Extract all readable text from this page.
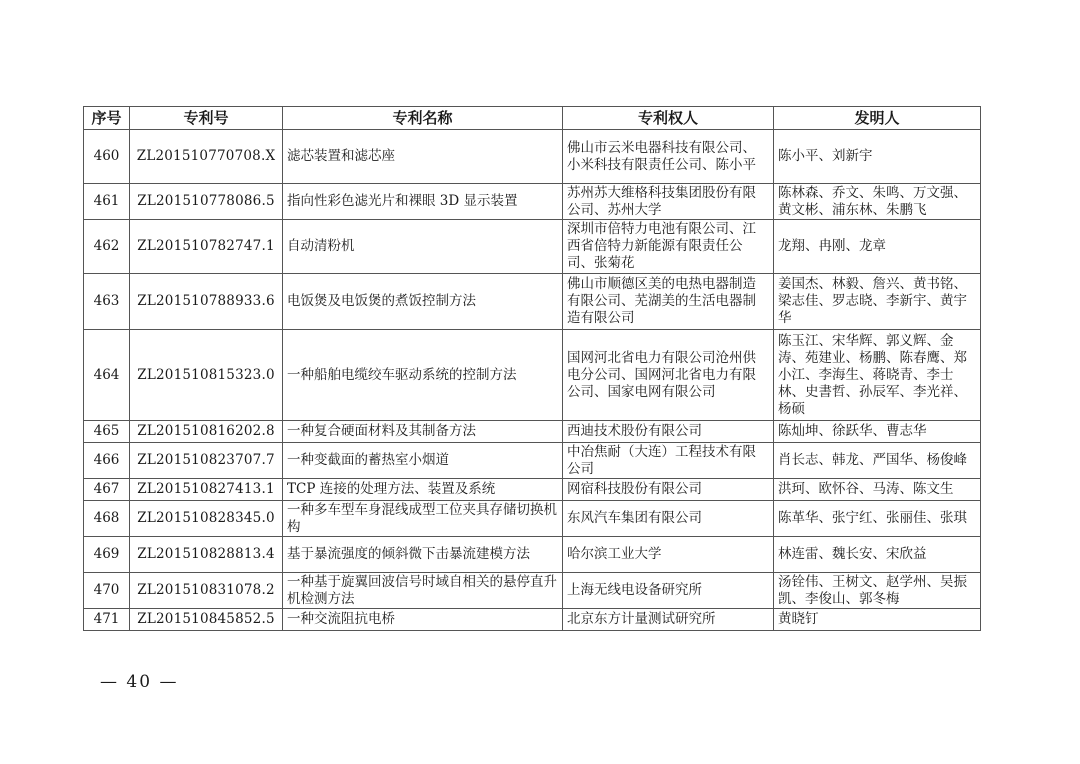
序号	专利号	专利名称	专利权人	发明人
460	ZL201510770708.X	滤芯装置和滤芯座	佛山市云米电器科技有限公司、小米科技有限责任公司、陈小平	陈小平、刘新宇
461	ZL201510778086.5	指向性彩色滤光片和裸眼 3D 显示装置	苏州苏大维格科技集团股份有限公司、苏州大学	陈林森、乔文、朱鸣、万文强、黄文彬、浦东林、朱鹏飞
462	ZL201510782747.1	自动清粉机	深圳市倍特力电池有限公司、江西省倍特力新能源有限责任公司、张菊花	龙翔、冉刚、龙章
463	ZL201510788933.6	电饭煲及电饭煲的煮饭控制方法	佛山市顺德区美的电热电器制造有限公司、芜湖美的生活电器制造有限公司	姜国杰、林毅、詹兴、黄书铭、梁志佳、罗志晓、李新宇、黄宇华
464	ZL201510815323.0	一种船舶电缆绞车驱动系统的控制方法	国网河北省电力有限公司沧州供电分公司、国网河北省电力有限公司、国家电网有限公司	陈玉江、宋华辉、郭义辉、金涛、苑建业、杨鹏、陈春鹰、郑小江、李海生、蒋晓青、李士林、史書哲、孙辰军、李光祥、杨硕
465	ZL201510816202.8	一种复合硬面材料及其制备方法	西迪技术股份有限公司	陈灿坤、徐跃华、曹志华
466	ZL201510823707.7	一种变截面的蓄热室小烟道	中冶焦耐（大连）工程技术有限公司	肖长志、韩龙、严国华、杨俊峰
467	ZL201510827413.1	TCP 连接的处理方法、装置及系统	网宿科技股份有限公司	洪珂、欧怀谷、马涛、陈文生
468	ZL201510828345.0	一种多车型车身混线成型工位夹具存储切换机构	东风汽车集团有限公司	陈革华、张宁红、张丽佳、张琪
469	ZL201510828813.4	基于暴流强度的倾斜微下击暴流建模方法	哈尔滨工业大学	林连雷、魏长安、宋欣益
470	ZL201510831078.2	一种基于旋翼回波信号时域自相关的悬停直升机检测方法	上海无线电设备研究所	汤铨伟、王树文、赵学州、吴振凯、李俊山、郭冬梅
471	ZL201510845852.5	一种交流阻抗电桥	北京东方计量测试研究所	黄晓钉
— 40 —
